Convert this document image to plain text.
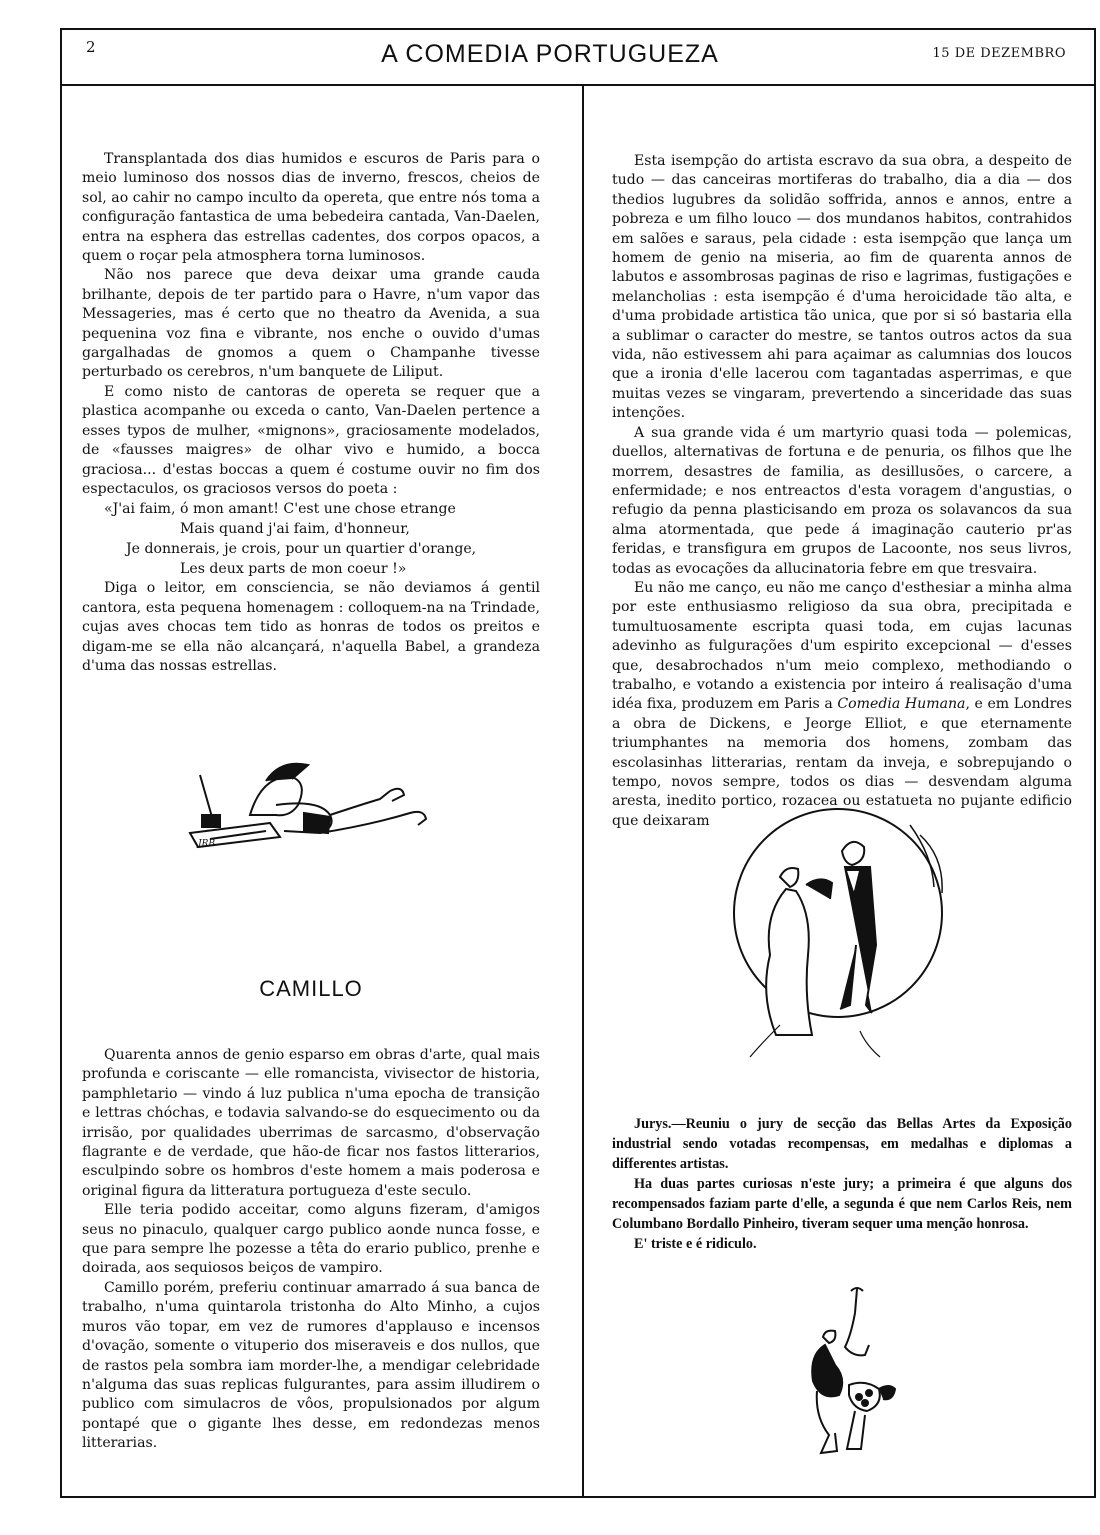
2	A COMEDIA PORTUGUEZA	15 DE DEZEMBRO

Transplantada dos dias humidos e escuros de Paris para o meio luminoso dos nossos dias de inverno, frescos, cheios de sol, ao cahir no campo inculto da opereta, que entre nós toma a configuração fantastica de uma bebedeira cantada, Van-Daelen, entra na esphera das estrellas cadentes, dos corpos opacos, a quem o roçar pela atmosphera torna luminosos.

Não nos parece que deva deixar uma grande cauda brilhante, depois de ter partido para o Havre, n'um vapor das Messageries, mas é certo que no theatro da Avenida, a sua pequenina voz fina e vibrante, nos enche o ouvido d'umas gargalhadas de gnomos a quem o Champanhe tivesse perturbado os cerebros, n'um banquete de Liliput.

E como nisto de cantoras de opereta se requer que a plastica acompanhe ou exceda o canto, Van-Daelen pertence a esses typos de mulher, «mignons», graciosamente modelados, de «fausses maigres» de olhar vivo e humido, a bocca graciosa... d'estas boccas a quem é costume ouvir no fim dos espectaculos, os graciosos versos do poeta :

«J'ai faim, ó mon amant! C'est une chose etrange
Mais quand j'ai faim, d'honneur,
Je donnerais, je crois, pour un quartier d'orange,
Les deux parts de mon coeur !»

Diga o leitor, em consciencia, se não deviamos á gentil cantora, esta pequena homenagem : colloquem-na na Trindade, cujas aves chocas tem tido as honras de todos os preitos e digam-me se ella não alcançará, n'aquella Babel, a grandeza d'uma das nossas estrellas.

JRB
CAMILLO

Quarenta annos de genio esparso em obras d'arte, qual mais profunda e coriscante — elle romancista, vivisector de historia, pamphletario — vindo á luz publica n'uma epocha de transição e lettras chóchas, e todavia salvando-se do esquecimento ou da irrisão, por qualidades uberrimas de sarcasmo, d'observação flagrante e de verdade, que hão-de ficar nos fastos litterarios, esculpindo sobre os hombros d'este homem a mais poderosa e original figura da litteratura portugueza d'este seculo.

Elle teria podido acceitar, como alguns fizeram, d'amigos seus no pinaculo, qualquer cargo publico aonde nunca fosse, e que para sempre lhe pozesse a têta do erario publico, prenhe e doirada, aos sequiosos beiços de vampiro.

Camillo porém, preferiu continuar amarrado á sua banca de trabalho, n'uma quintarola tristonha do Alto Minho, a cujos muros vão topar, em vez de rumores d'applauso e incensos d'ovação, somente o vituperio dos miseraveis e dos nullos, que de rastos pela sombra iam morder-lhe, a mendigar celebridade n'alguma das suas replicas fulgurantes, para assim illudirem o publico com simulacros de vôos, propulsionados por algum pontapé que o gigante lhes desse, em redondezas menos litterarias.

Esta isempção do artista escravo da sua obra, a despeito de tudo — das canceiras mortiferas do trabalho, dia a dia — dos thedios lugubres da solidão soffrida, annos e annos, entre a pobreza e um filho louco — dos mundanos habitos, contrahidos em salões e saraus, pela cidade : esta isempção que lança um homem de genio na miseria, ao fim de quarenta annos de labutos e assombrosas paginas de riso e lagrimas, fustigações e melancholias : esta isempção é d'uma heroicidade tão alta, e d'uma probidade artistica tão unica, que por si só bastaria ella a sublimar o caracter do mestre, se tantos outros actos da sua vida, não estivessem ahi para açaimar as calumnias dos loucos que a ironia d'elle lacerou com tagantadas asperrimas, e que muitas vezes se vingaram, prevertendo a sinceridade das suas intenções.

A sua grande vida é um martyrio quasi toda — polemicas, duellos, alternativas de fortuna e de penuria, os filhos que lhe morrem, desastres de familia, as desillusões, o carcere, a enfermidade; e nos entreactos d'esta voragem d'angustias, o refugio da penna plasticisando em proza os solavancos da sua alma atormentada, que pede á imaginação cauterio pr'as feridas, e transfigura em grupos de Lacoonte, nos seus livros, todas as evocações da allucinatoria febre em que tresvaira.

Eu não me canço, eu não me canço d'esthesiar a minha alma por este enthusiasmo religioso da sua obra, precipitada e tumultuosamente escripta quasi toda, em cujas lacunas adevinho as fulgurações d'um espirito excepcional — d'esses que, desabrochados n'um meio complexo, methodiando o trabalho, e votando a existencia por inteiro á realisação d'uma idéa fixa, produzem em Paris a Comedia Humana, e em Londres a obra de Dickens, e Jeorge Elliot, e que eternamente triumphantes na memoria dos homens, zombam das escolasinhas litterarias, rentam da inveja, e sobrepujando o tempo, novos sempre, todos os dias — desvendam alguma aresta, inedito portico, rozacea ou estatueta no pujante edificio que deixaram

Jurys.—Reuniu o jury de secção das Bellas Artes da Exposição industrial sendo votadas recompensas, em medalhas e diplomas a differentes artistas.

Ha duas partes curiosas n'este jury; a primeira é que alguns dos recompensados faziam parte d'elle, a segunda é que nem Carlos Reis, nem Columbano Bordallo Pinheiro, tiveram sequer uma menção honrosa.

E' triste e é ridiculo.
